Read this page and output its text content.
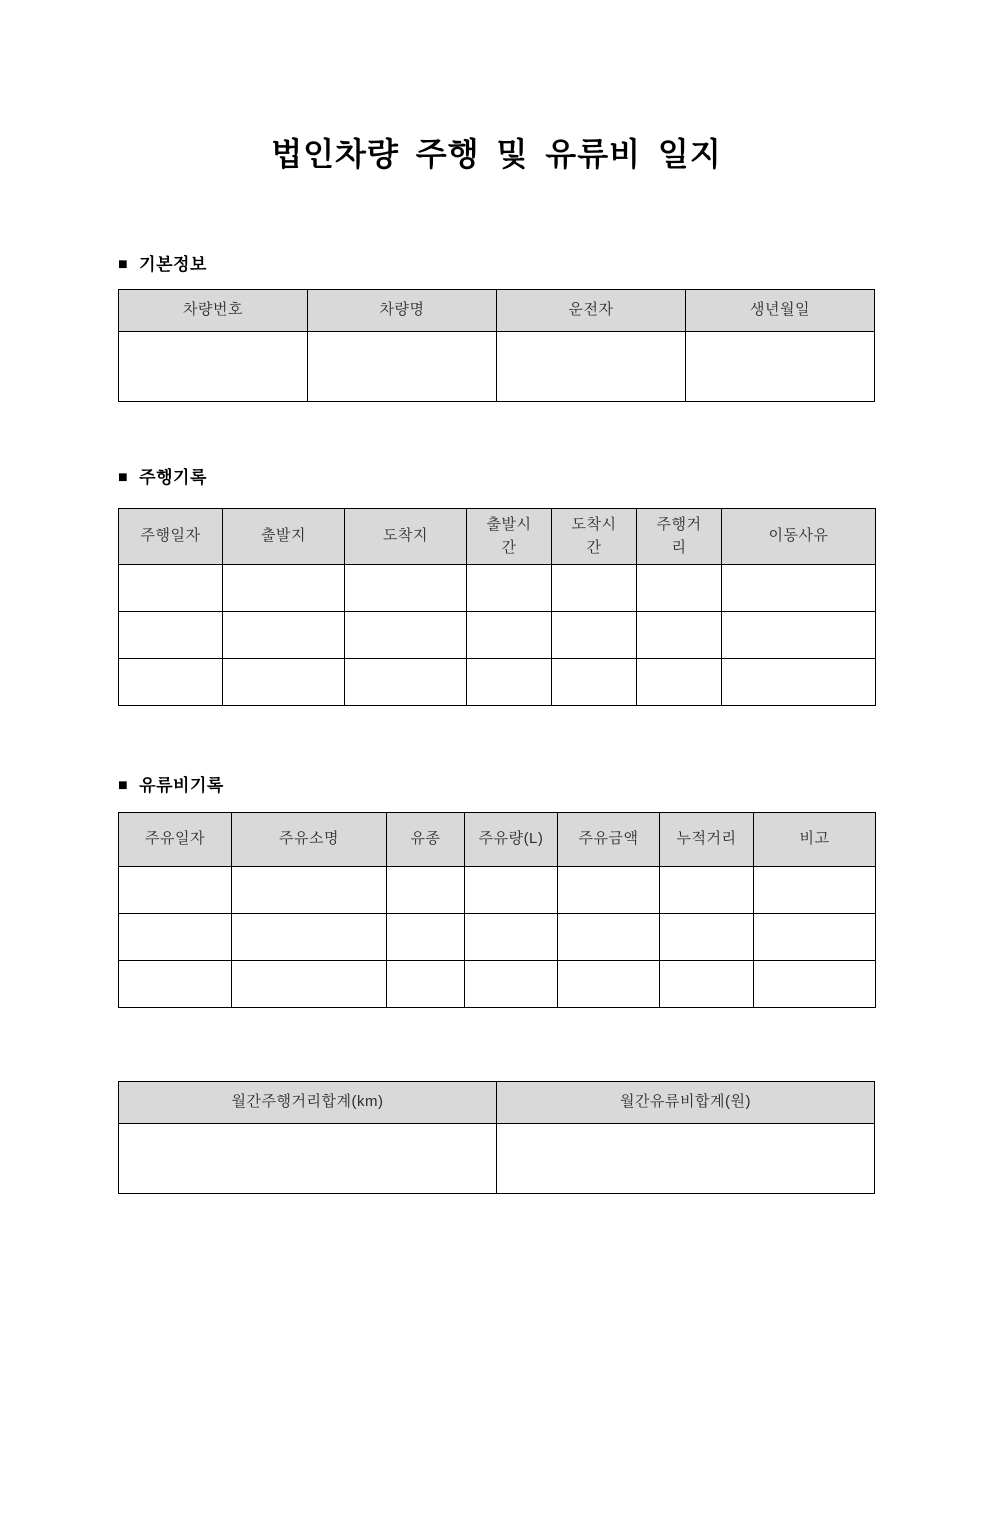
법인차량 주행 및 유류비 일지
■ 기본정보
차량번호	차량명	운전자	생년월일

■ 주행기록
주행일자	출발지	도착지	출발시간	도착시간	주행거리	이동사유

■ 유류비기록
주유일자	주유소명	유종	주유량(L)	주유금액	누적거리	비고

월간주행거리합계(km)	월간유류비합계(원)
